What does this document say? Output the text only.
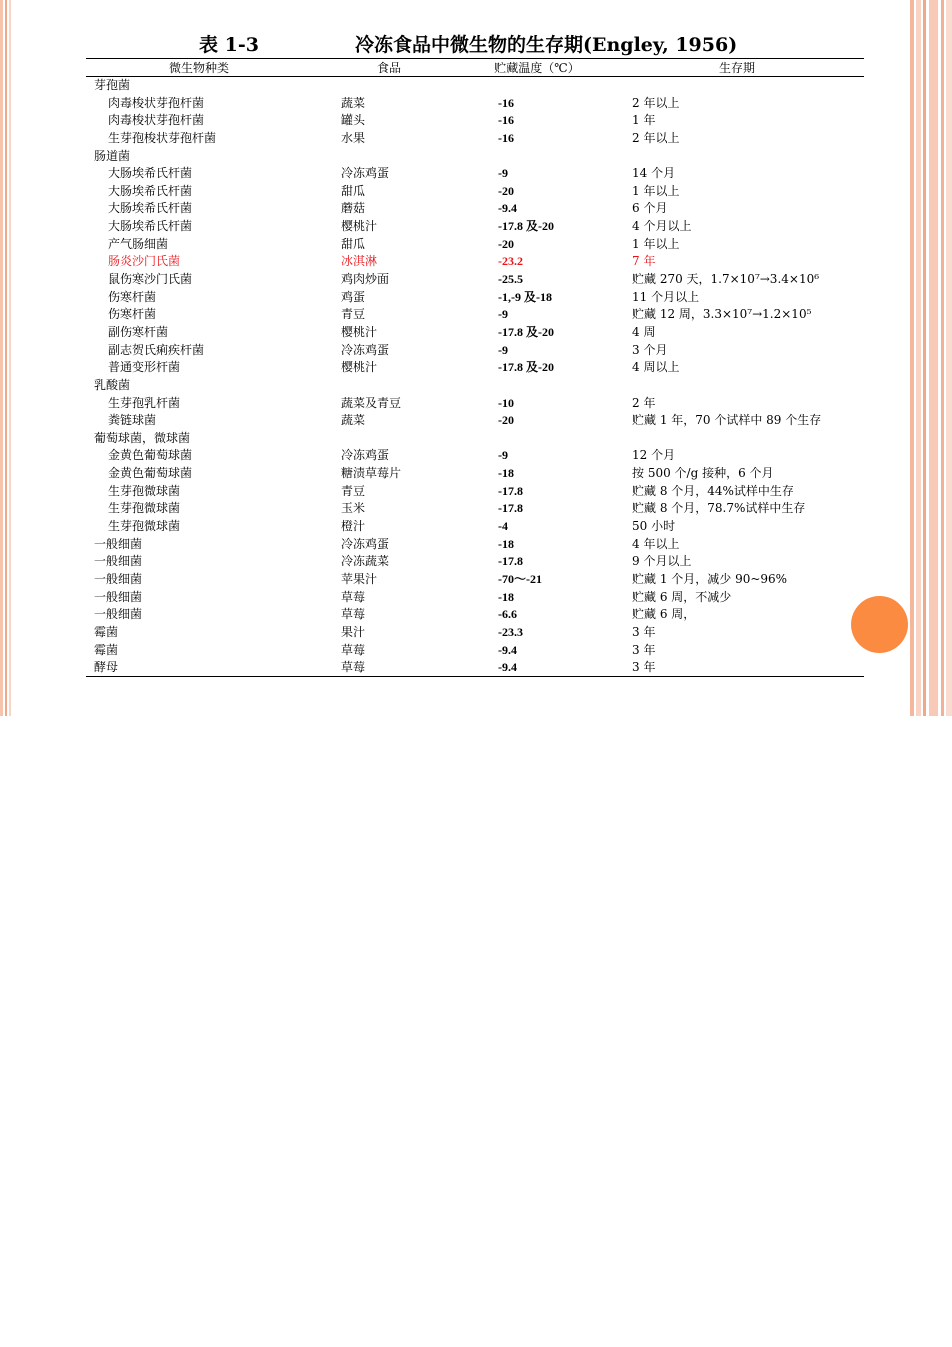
表 1-3	冷冻食品中微生物的生存期(Engley, 1956)
微生物种类	食品	贮藏温度（℃）	生存期
芽孢菌
肉毒梭状芽孢杆菌	蔬菜	-16	2 年以上
肉毒梭状芽孢杆菌	罐头	-16	1 年
生芽孢梭状芽孢杆菌	水果	-16	2 年以上
肠道菌
大肠埃希氏杆菌	冷冻鸡蛋	-9	14 个月
大肠埃希氏杆菌	甜瓜	-20	1 年以上
大肠埃希氏杆菌	蘑菇	-9.4	6 个月
大肠埃希氏杆菌	樱桃汁	-17.8 及-20	4 个月以上
产气肠细菌	甜瓜	-20	1 年以上
肠炎沙门氏菌	冰淇淋	-23.2	7 年
鼠伤寒沙门氏菌	鸡肉炒面	-25.5	贮藏 270 天，1.7×10⁷→3.4×10⁶
伤寒杆菌	鸡蛋	-1,-9 及-18	11 个月以上
伤寒杆菌	青豆	-9	贮藏 12 周，3.3×10⁷→1.2×10⁵
副伤寒杆菌	樱桃汁	-17.8 及-20	4 周
副志贺氏痢疾杆菌	冷冻鸡蛋	-9	3 个月
普通变形杆菌	樱桃汁	-17.8 及-20	4 周以上
乳酸菌
生芽孢乳杆菌	蔬菜及青豆	-10	2 年
粪链球菌	蔬菜	-20	贮藏 1 年，70 个试样中 89 个生存
葡萄球菌，微球菌
金黄色葡萄球菌	冷冻鸡蛋	-9	12 个月
金黄色葡萄球菌	糖渍草莓片	-18	按 500 个/g 接种，6 个月
生芽孢微球菌	青豆	-17.8	贮藏 8 个月，44%试样中生存
生芽孢微球菌	玉米	-17.8	贮藏 8 个月，78.7%试样中生存
生芽孢微球菌	橙汁	-4	50 小时
一般细菌	冷冻鸡蛋	-18	4 年以上
一般细菌	冷冻蔬菜	-17.8	9 个月以上
一般细菌	苹果汁	-70～-21	贮藏 1 个月，减少 90~96%
一般细菌	草莓	-18	贮藏 6 周，不减少
一般细菌	草莓	-6.6	贮藏 6 周，
霉菌	果汁	-23.3	3 年
霉菌	草莓	-9.4	3 年
酵母	草莓	-9.4	3 年
